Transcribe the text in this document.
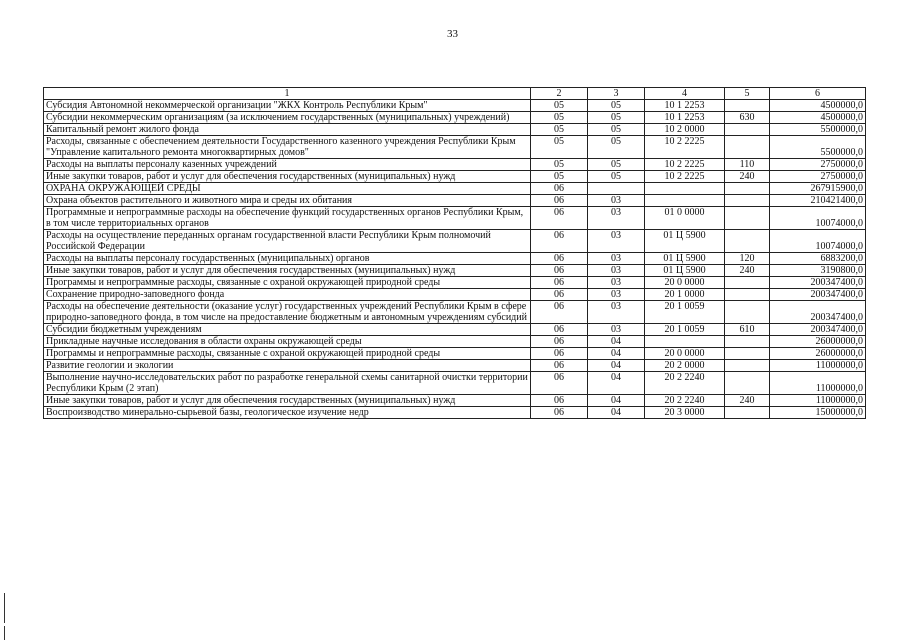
33
1	2	3	4	5	6
Субсидия Автономной некоммерческой организации "ЖКХ Контроль Республики Крым"	05	05	10 1 2253		4500000,0
Субсидии некоммерческим организациям (за исключением государственных (муниципальных) учреждений)	05	05	10 1 2253	630	4500000,0
Капитальный ремонт жилого фонда	05	05	10 2 0000		5500000,0
Расходы, связанные с обеспечением деятельности Государственного казенного учреждения Республики Крым "Управление капитального ремонта многоквартирных домов"	05	05	10 2 2225		5500000,0
Расходы на выплаты персоналу казенных учреждений	05	05	10 2 2225	110	2750000,0
Иные закупки товаров, работ и услуг для обеспечения государственных (муниципальных) нужд	05	05	10 2 2225	240	2750000,0
ОХРАНА ОКРУЖАЮЩЕЙ СРЕДЫ	06				267915900,0
Охрана объектов растительного и животного мира и среды их обитания	06	03			210421400,0
Программные и непрограммные расходы на обеспечение функций государственных органов Республики Крым, в том числе территориальных органов	06	03	01 0 0000		10074000,0
Расходы на осуществление переданных органам государственной власти Республики Крым полномочий Российской Федерации	06	03	01 Ц 5900		10074000,0
Расходы на выплаты персоналу государственных (муниципальных) органов	06	03	01 Ц 5900	120	6883200,0
Иные закупки товаров, работ и услуг для обеспечения государственных (муниципальных) нужд	06	03	01 Ц 5900	240	3190800,0
Программы и непрограммные расходы, связанные с охраной окружающей природной среды	06	03	20 0 0000		200347400,0
Сохранение природно-заповедного фонда	06	03	20 1 0000		200347400,0
Расходы на обеспечение деятельности (оказание услуг) государственных учреждений Республики Крым в сфере природно-заповедного фонда, в том числе на предоставление бюджетным и автономным учреждениям субсидий	06	03	20 1 0059		200347400,0
Субсидии бюджетным учреждениям	06	03	20 1 0059	610	200347400,0
Прикладные научные исследования в области охраны окружающей среды	06	04			26000000,0
Программы и непрограммные расходы, связанные с охраной окружающей природной среды	06	04	20 0 0000		26000000,0
Развитие геологии и экологии	06	04	20 2 0000		11000000,0
Выполнение научно-исследовательских работ по разработке генеральной схемы санитарной очистки территории Республики Крым (2 этап)	06	04	20 2 2240		11000000,0
Иные закупки товаров, работ и услуг для обеспечения государственных (муниципальных) нужд	06	04	20 2 2240	240	11000000,0
Воспроизводство минерально-сырьевой базы, геологическое изучение недр	06	04	20 3 0000		15000000,0
